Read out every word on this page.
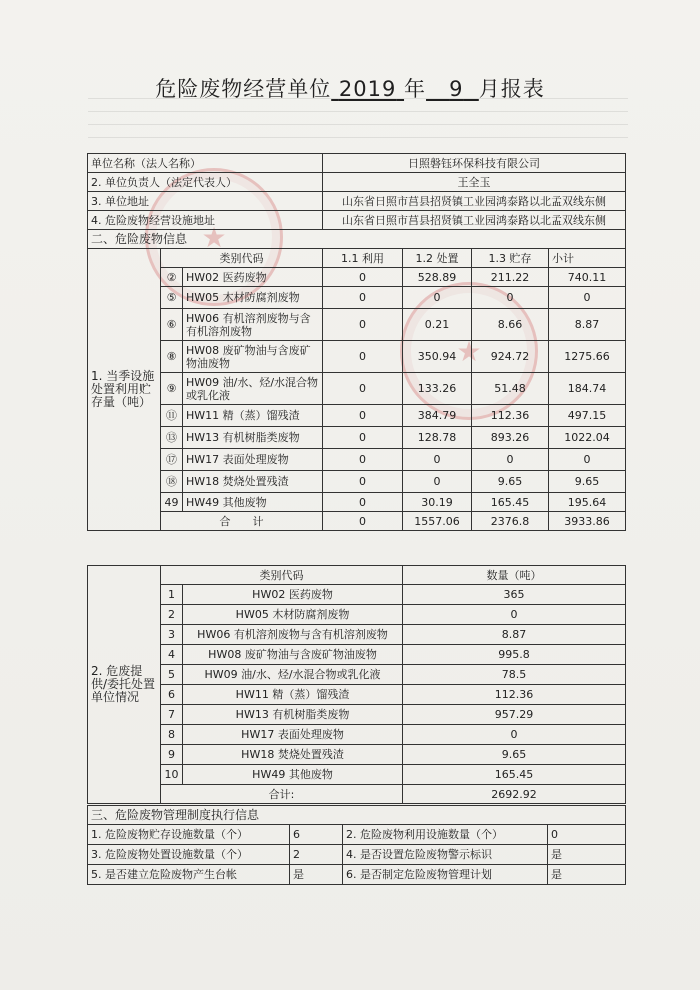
★
★
危险废物经营单位 2019 年 9 月报表
单位名称（法人名称）			日照磐钰环保科技有限公司			
2. 单位负责人（法定代表人）			王全玉			
3. 单位地址			山东省日照市莒县招贤镇工业园鸿泰路以北孟双线东侧			
4. 危险废物经营设施地址			山东省日照市莒县招贤镇工业园鸿泰路以北孟双线东侧			
二、危险废物信息						
1. 当季设施处置利用贮存量（吨）	类别代码		1.1 利用	1.2 处置	1.3 贮存	小计
	②	HW02 医药废物	0	528.89	211.22	740.11
	⑤	HW05 木材防腐剂废物	0	0	0	0
	⑥	HW06 有机溶剂废物与含有机溶剂废物	0	0.21	8.66	8.87
	⑧	HW08 废矿物油与含废矿物油废物	0	350.94	924.72	1275.66
	⑨	HW09 油/水、烃/水混合物或乳化液	0	133.26	51.48	184.74
	⑪	HW11 精（蒸）馏残渣	0	384.79	112.36	497.15
	⑬	HW13 有机树脂类废物	0	128.78	893.26	1022.04
	⑰	HW17 表面处理废物	0	0	0	0
	⑱	HW18 焚烧处置残渣	0	0	9.65	9.65
	49	HW49 其他废物	0	30.19	165.45	195.64
	合　　计		0	1557.06	2376.8	3933.86
2. 危废提供/委托处置单位情况	类别代码		数量（吨）
	1	HW02 医药废物	365
	2	HW05 木材防腐剂废物	0
	3	HW06 有机溶剂废物与含有机溶剂废物	8.87
	4	HW08 废矿物油与含废矿物油废物	995.8
	5	HW09 油/水、烃/水混合物或乳化液	78.5
	6	HW11 精（蒸）馏残渣	112.36
	7	HW13 有机树脂类废物	957.29
	8	HW17 表面处理废物	0
	9	HW18 焚烧处置残渣	9.65
	10	HW49 其他废物	165.45
	合计:		2692.92
三、危险废物管理制度执行信息			
1. 危险废物贮存设施数量（个）	6	2. 危险废物利用设施数量（个）	0
3. 危险废物处置设施数量（个）	2	4. 是否设置危险废物警示标识	是
5. 是否建立危险废物产生台帐	是	6. 是否制定危险废物管理计划	是
